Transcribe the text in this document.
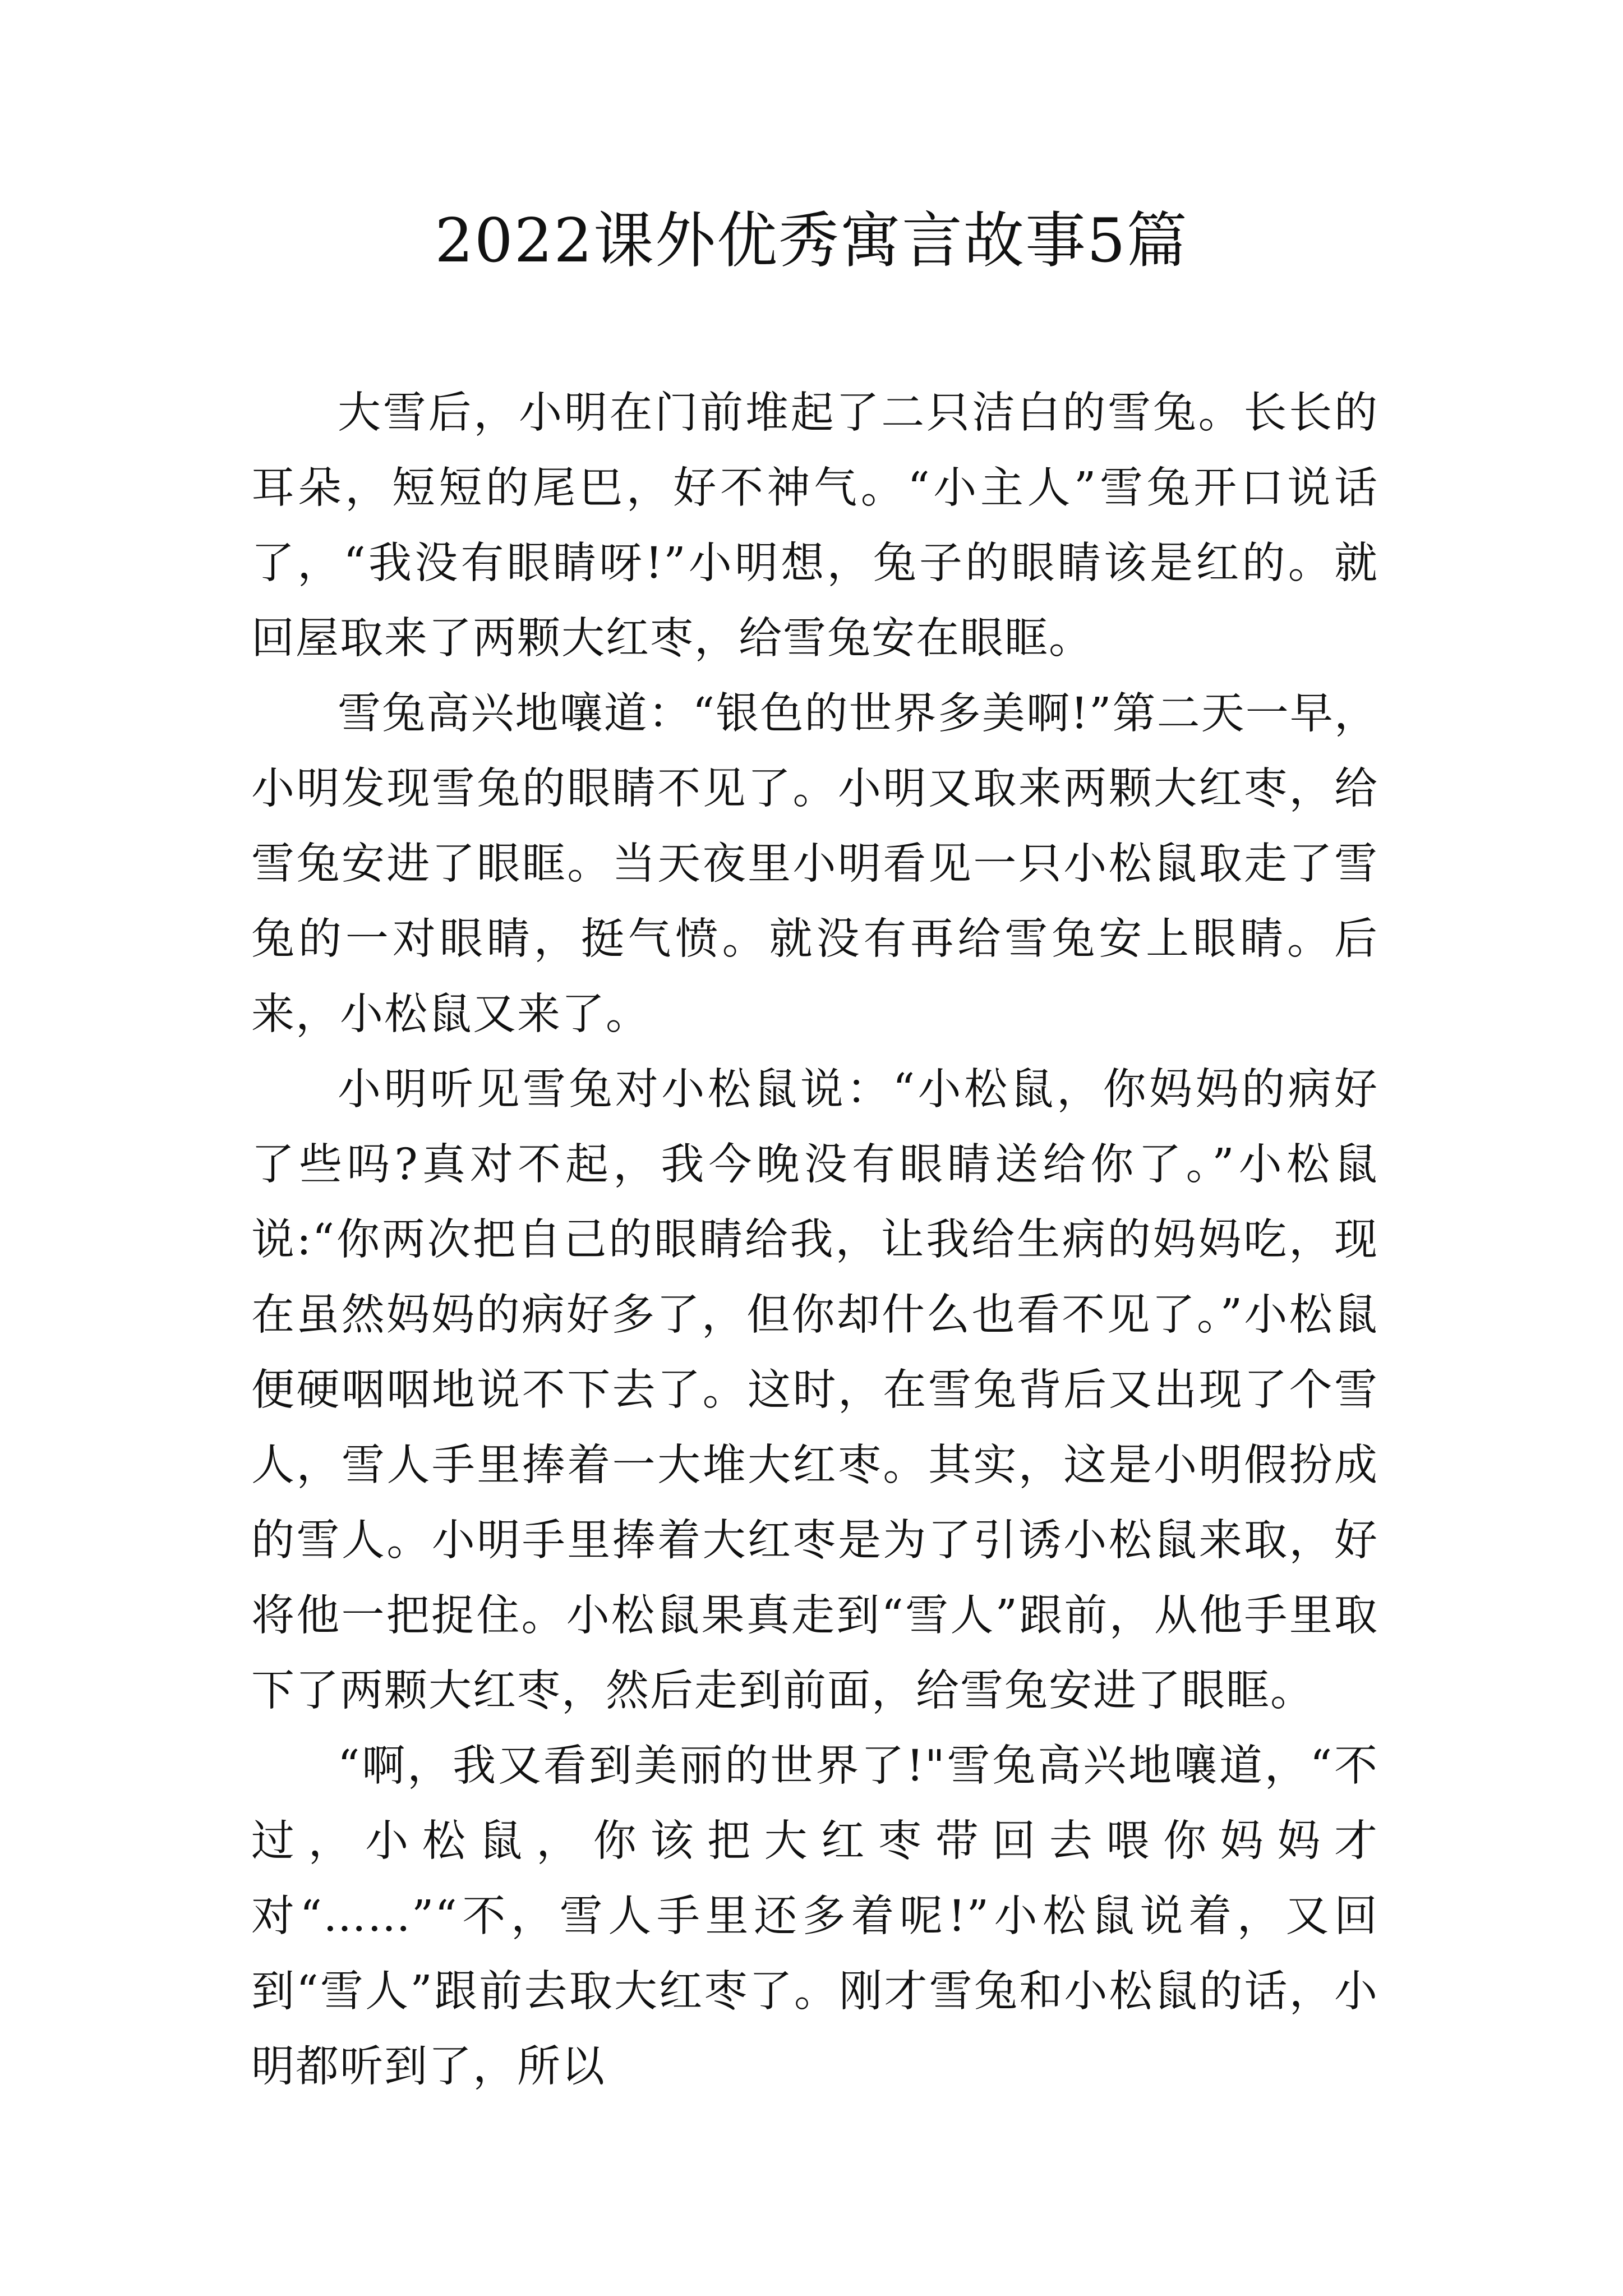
2022课外优秀寓言故事5篇

大雪后，小明在门前堆起了二只洁白的雪兔。长长的耳朵，短短的尾巴，好不神气。“小主人”雪兔开口说话了，“我没有眼睛呀!”小明想，兔子的眼睛该是红的。就回屋取来了两颗大红枣，给雪兔安在眼眶。

雪兔高兴地嚷道：“银色的世界多美啊!”第二天一早，小明发现雪兔的眼睛不见了。小明又取来两颗大红枣，给雪兔安进了眼眶。当天夜里小明看见一只小松鼠取走了雪兔的一对眼睛，挺气愤。就没有再给雪兔安上眼睛。后来，小松鼠又来了。

小明听见雪兔对小松鼠说：“小松鼠，你妈妈的病好了些吗?真对不起，我今晚没有眼睛送给你了。”小松鼠说:“你两次把自己的眼睛给我，让我给生病的妈妈吃，现在虽然妈妈的病好多了，但你却什么也看不见了。”小松鼠便硬咽咽地说不下去了。这时，在雪兔背后又出现了个雪人，雪人手里捧着一大堆大红枣。其实，这是小明假扮成的雪人。小明手里捧着大红枣是为了引诱小松鼠来取，好将他一把捉住。小松鼠果真走到“雪人”跟前，从他手里取下了两颗大红枣，然后走到前面，给雪兔安进了眼眶。

“啊，我又看到美丽的世界了!"雪兔高兴地嚷道，“不过，小松鼠，你该把大红枣带回去喂你妈妈才对“……”“不，雪人手里还多着呢!”小松鼠说着，又回到“雪人”跟前去取大红枣了。刚才雪兔和小松鼠的话，小明都听到了，所以
